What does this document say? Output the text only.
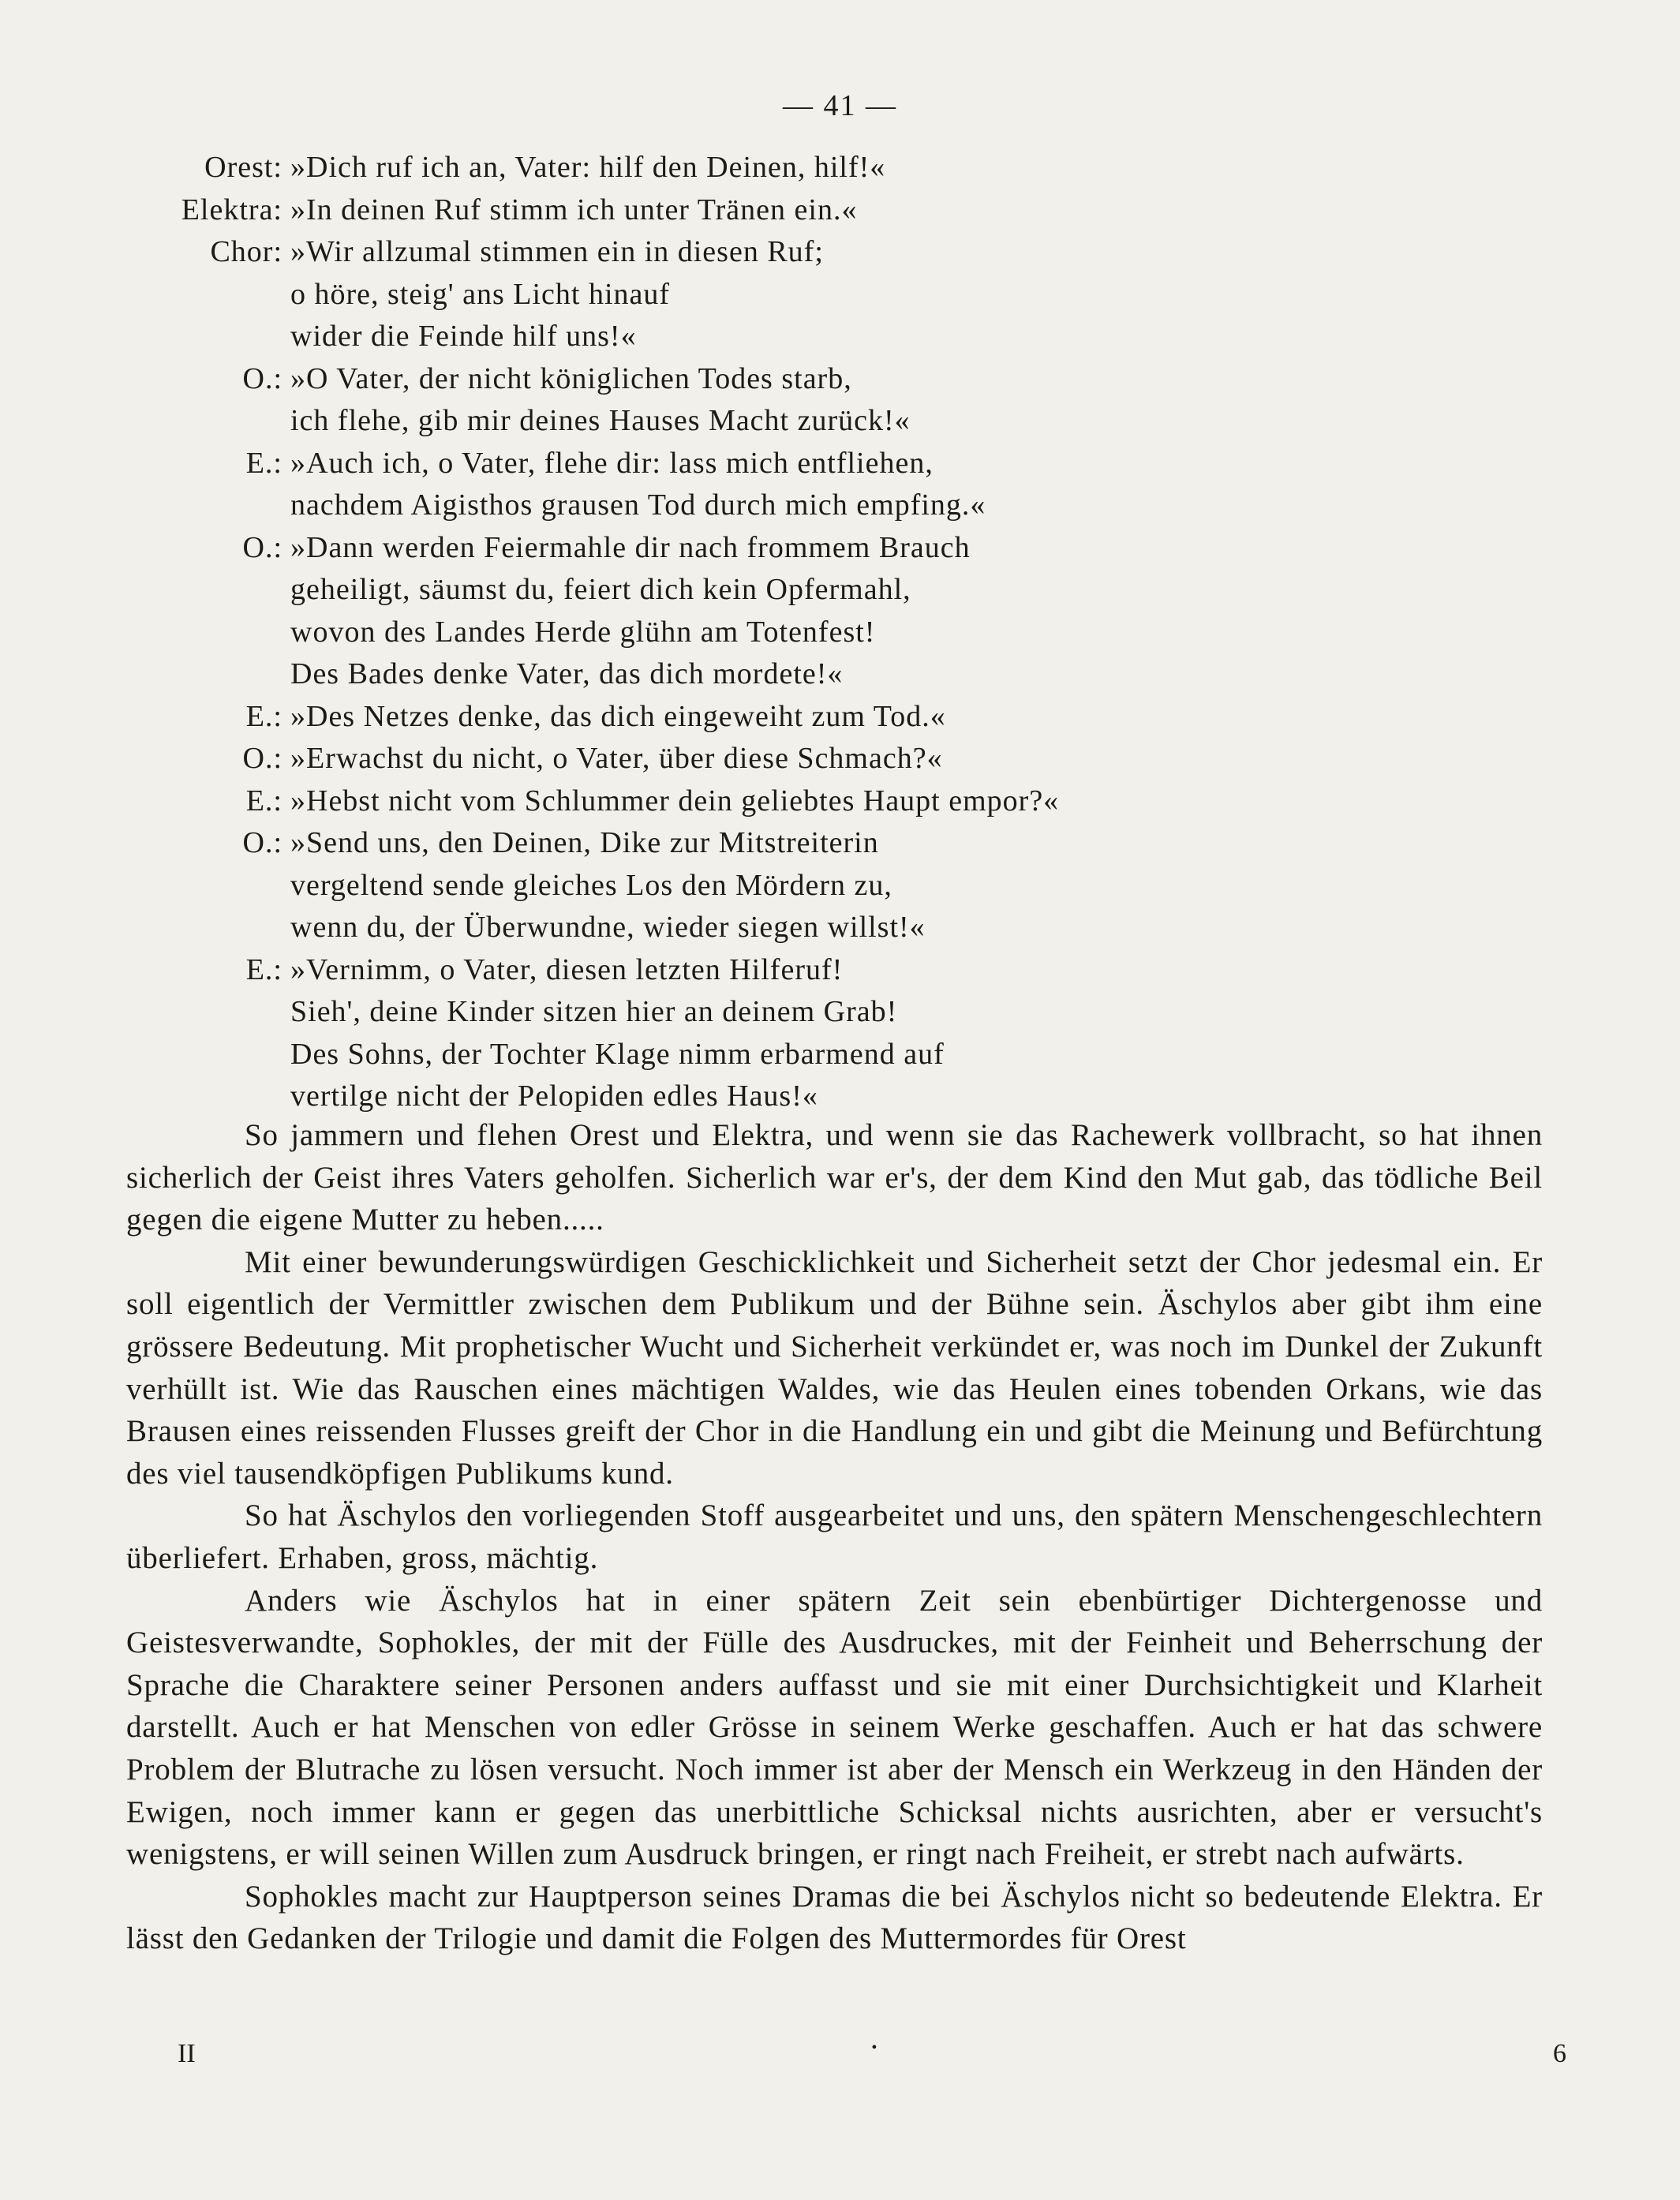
— 41 —
Orest: »Dich ruf ich an, Vater: hilf den Deinen, hilf!«
Elektra: »In deinen Ruf stimm ich unter Tränen ein.«
Chor: »Wir allzumal stimmen ein in diesen Ruf;
o höre, steig' ans Licht hinauf
wider die Feinde hilf uns!«
O.: »O Vater, der nicht königlichen Todes starb,
ich flehe, gib mir deines Hauses Macht zurück!«
E.: »Auch ich, o Vater, flehe dir: lass mich entfliehen,
nachdem Aigisthos grausen Tod durch mich empfing.«
O.: »Dann werden Feiermahle dir nach frommem Brauch
geheiligt, säumst du, feiert dich kein Opfermahl,
wovon des Landes Herde glühn am Totenfest!
Des Bades denke Vater, das dich mordete!«
E.: »Des Netzes denke, das dich eingeweiht zum Tod.«
O.: »Erwachst du nicht, o Vater, über diese Schmach?«
E.: »Hebst nicht vom Schlummer dein geliebtes Haupt empor?«
O.: »Send uns, den Deinen, Dike zur Mitstreiterin
vergeltend sende gleiches Los den Mördern zu,
wenn du, der Überwundne, wieder siegen willst!«
E.: »Vernimm, o Vater, diesen letzten Hilferuf!
Sieh', deine Kinder sitzen hier an deinem Grab!
Des Sohns, der Tochter Klage nimm erbarmend auf
vertilge nicht der Pelopiden edles Haus!«

So jammern und flehen Orest und Elektra, und wenn sie das Rachewerk vollbracht, so hat ihnen sicherlich der Geist ihres Vaters geholfen. Sicherlich war er's, der dem Kind den Mut gab, das tödliche Beil gegen die eigene Mutter zu heben.....

Mit einer bewunderungswürdigen Geschicklichkeit und Sicherheit setzt der Chor jedesmal ein. Er soll eigentlich der Vermittler zwischen dem Publikum und der Bühne sein. Äschylos aber gibt ihm eine grössere Bedeutung. Mit prophetischer Wucht und Sicherheit verkündet er, was noch im Dunkel der Zukunft verhüllt ist. Wie das Rauschen eines mächtigen Waldes, wie das Heulen eines tobenden Orkans, wie das Brausen eines reissenden Flusses greift der Chor in die Handlung ein und gibt die Meinung und Befürchtung des viel tausendköpfigen Publikums kund.

So hat Äschylos den vorliegenden Stoff ausgearbeitet und uns, den spätern Menschengeschlechtern überliefert. Erhaben, gross, mächtig.

Anders wie Äschylos hat in einer spätern Zeit sein ebenbürtiger Dichtergenosse und Geistesverwandte, Sophokles, der mit der Fülle des Ausdruckes, mit der Feinheit und Beherrschung der Sprache die Charaktere seiner Personen anders auffasst und sie mit einer Durchsichtigkeit und Klarheit darstellt. Auch er hat Menschen von edler Grösse in seinem Werke geschaffen. Auch er hat das schwere Problem der Blutrache zu lösen versucht. Noch immer ist aber der Mensch ein Werkzeug in den Händen der Ewigen, noch immer kann er gegen das unerbittliche Schicksal nichts ausrichten, aber er versucht's wenigstens, er will seinen Willen zum Ausdruck bringen, er ringt nach Freiheit, er strebt nach aufwärts.

Sophokles macht zur Hauptperson seines Dramas die bei Äschylos nicht so bedeutende Elektra. Er lässt den Gedanken der Trilogie und damit die Folgen des Muttermordes für Orest

II	•	6
